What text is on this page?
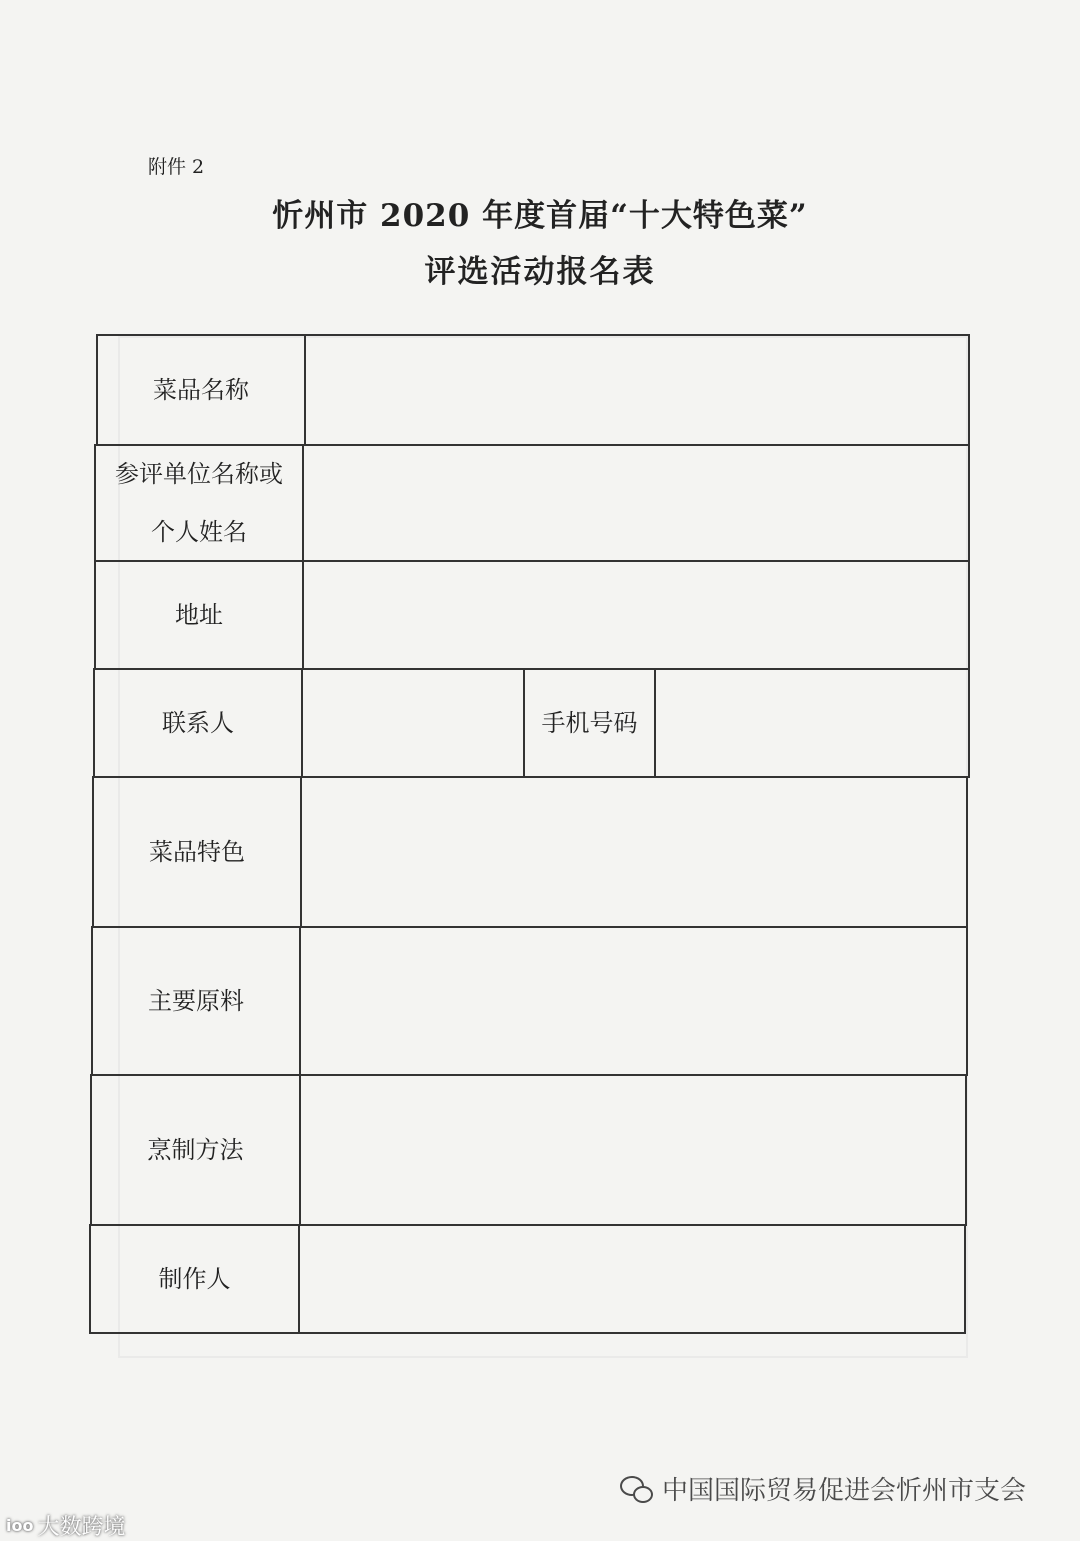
附件 2
忻州市 2020 年度首届“十大特色菜”
评选活动报名表
菜品名称
参评单位名称或
个人姓名
地址
联系人	手机号码
菜品特色
主要原料
烹制方法
制作人
中国国际贸易促进会忻州市支会
ioo 大数跨境
